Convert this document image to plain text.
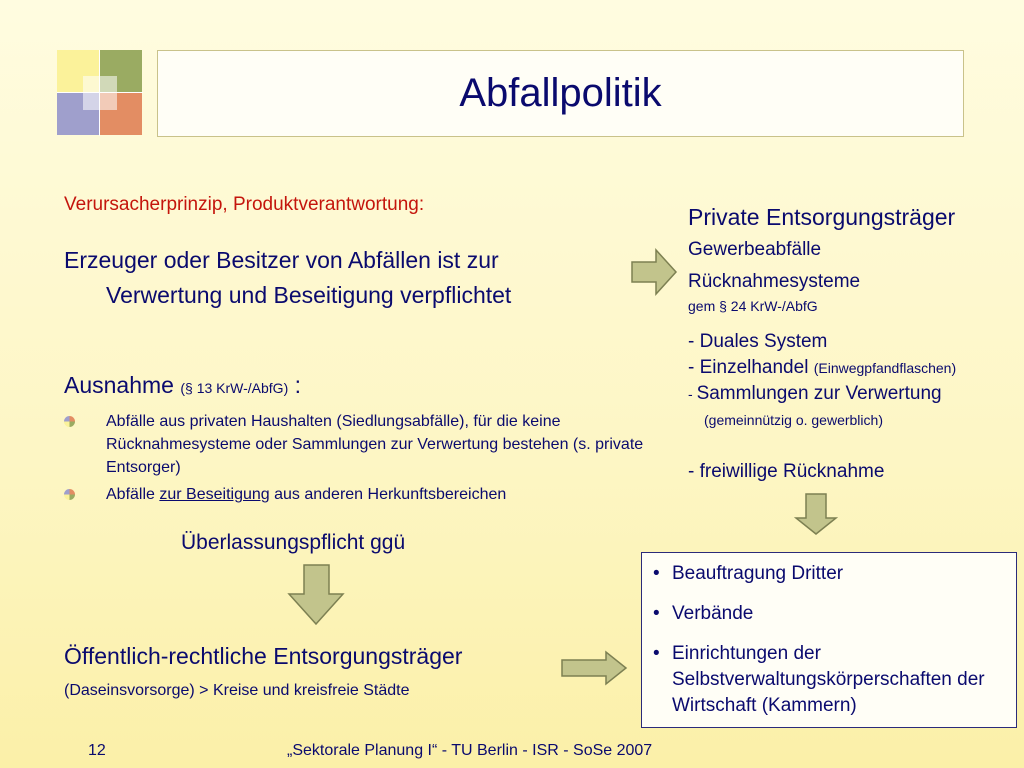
Abfallpolitik
Verursacherprinzip, Produktverantwortung:
Erzeuger oder Besitzer von Abfällen ist zur
Verwertung und Beseitigung verpflichtet
Ausnahme (§ 13 KrW-/AbfG) :
Abfälle aus privaten Haushalten (Siedlungsabfälle), für die keine Rücknahmesysteme oder Sammlungen zur Verwertung bestehen (s. private Entsorger)
Abfälle zur Beseitigung aus anderen Herkunftsbereichen
Überlassungspflicht ggü
Öffentlich-rechtliche Entsorgungsträger
(Daseinsvorsorge) > Kreise und kreisfreie Städte
Private Entsorgungsträger
Gewerbeabfälle
Rücknahmesysteme
gem § 24 KrW-/AbfG
- Duales System
- Einzelhandel (Einwegpfandflaschen)
- Sammlungen zur Verwertung
(gemeinnützig o. gewerblich)
- freiwillige Rücknahme
• Beauftragung Dritter
• Verbände
• Einrichtungen der Selbstverwaltungskörperschaften der Wirtschaft (Kammern)
12	„Sektorale Planung I“ - TU Berlin - ISR - SoSe 2007
